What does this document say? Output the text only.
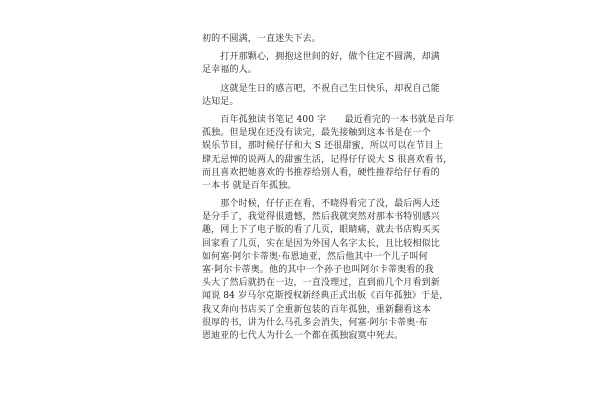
初的不圆满，一直迷失下去。
　　打开那颗心，拥抱这世间的好，做个往定不圆满，却满
足幸福的人。
　　这就是生日的感言吧，不祝自己生日快乐，却祝自己能
达知足。
　　百年孤独读书笔记 400 字　　最近看完的一本书就是百年
孤独。但是现在还没有读完，最先接触到这本书是在一个
娱乐节目，那时候仔仔和大 S 还很甜蜜，所以可以在节目上
肆无忌惮的说两人的甜蜜生活，记得仔仔说大 S 很喜欢看书，
而且喜欢把她喜欢的书推荐给别人看，硬性推荐给仔仔看的
一本书 就是百年孤独。
　　那个时候，仔仔正在看，不晓得看完了没，最后两人还
是分手了，我觉得很遗憾，然后我就突然对那本书特别感兴
趣，网上下了电子版的看了几页，眼睛痛，就去书店购买买
回家看了几页，实在是因为外国人名字太长，且比较相似比
如何塞·阿尔卡蒂奥·布恩迪亚，然后他其中一个儿子叫何
塞·阿尔卡蒂奥。他的其中一个孙子也叫阿尔卡蒂奥看的我
头大了然后就扔在一边，一直没理过，直到前几个月看到新
闻说 84 岁马尔克斯授权新经典正式出版《百年孤独》于是，
我又奔向书店买了全重新包装的百年孤独，重新翻看这本
很厚的书，讲为什么马孔多会消失，何塞·阿尔卡蒂奥·布
恩迪亚的七代人为什么一个都在孤独寂寞中死去。
